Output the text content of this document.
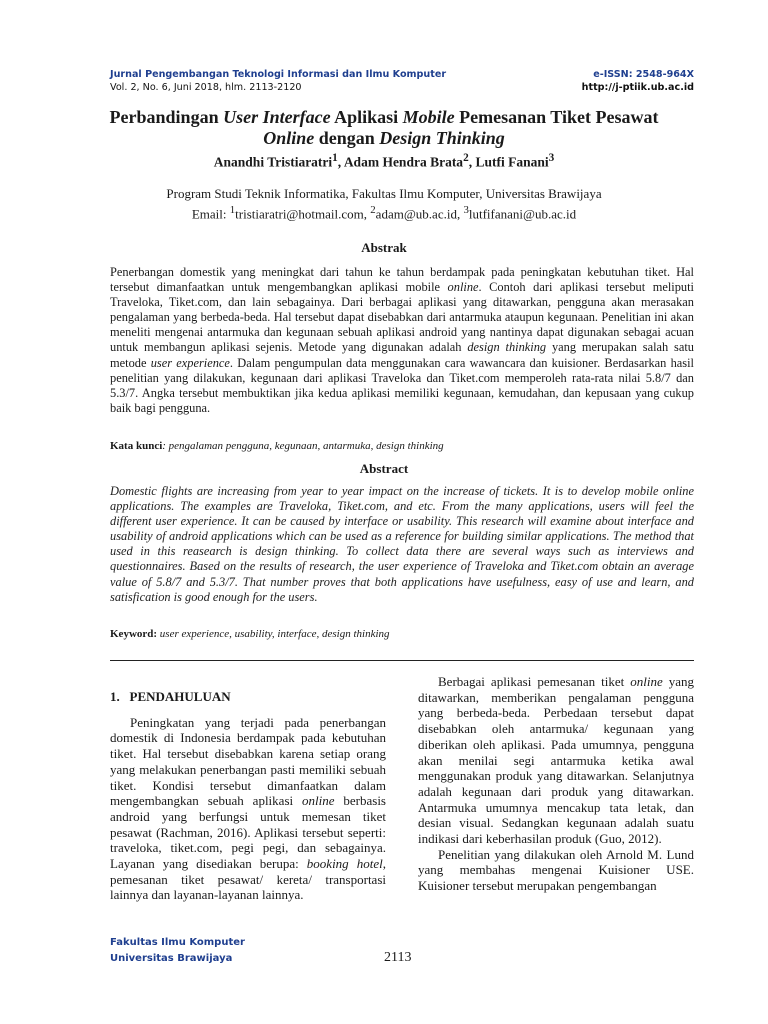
Jurnal Pengembangan Teknologi Informasi dan Ilmu Komputer	e-ISSN: 2548-964X
Vol. 2, No. 6, Juni 2018, hlm. 2113-2120	http://j-ptiik.ub.ac.id
Perbandingan User Interface Aplikasi Mobile Pemesanan Tiket Pesawat
Online dengan Design Thinking
Anandhi Tristiaratri$^1$, Adam Hendra Brata$^2$, Lutfi Fanani$^3$
Program Studi Teknik Informatika, Fakultas Ilmu Komputer, Universitas Brawijaya
Email: $^1$tristiaratri@hotmail.com, $^2$adam@ub.ac.id, $^3$lutfifanani@ub.ac.id
Abstrak
Penerbangan domestik yang meningkat dari tahun ke tahun berdampak pada peningkatan kebutuhan tiket. Hal tersebut dimanfaatkan untuk mengembangkan aplikasi mobile online. Contoh dari aplikasi tersebut meliputi Traveloka, Tiket.com, dan lain sebagainya. Dari berbagai aplikasi yang ditawarkan, pengguna akan merasakan pengalaman yang berbeda-beda. Hal tersebut dapat disebabkan dari antarmuka ataupun kegunaan. Penelitian ini akan meneliti mengenai antarmuka dan kegunaan sebuah aplikasi android yang nantinya dapat digunakan sebagai acuan untuk membangun aplikasi sejenis. Metode yang digunakan adalah design thinking yang merupakan salah satu metode user experience. Dalam pengumpulan data menggunakan cara wawancara dan kuisioner. Berdasarkan hasil penelitian yang dilakukan, kegunaan dari aplikasi Traveloka dan Tiket.com memperoleh rata-rata nilai 5.8/7 dan 5.3/7. Angka tersebut membuktikan jika kedua aplikasi memiliki kegunaan, kemudahan, dan kepusaan yang cukup baik bagi pengguna.
Kata kunci: pengalaman pengguna, kegunaan, antarmuka, design thinking
Abstract
Domestic flights are increasing from year to year impact on the increase of tickets. It is to develop mobile online applications. The examples are Traveloka, Tiket.com, and etc. From the many applications, users will feel the different user experience. It can be caused by interface or usability. This research will examine about interface and usability of android applications which can be used as a reference for building similar applications. The method that used in this reasearch is design thinking. To collect data there are several ways such as interviews and questionnaires. Based on the results of research, the user experience of Traveloka and Tiket.com obtain an average value of 5.8/7 and 5.3/7. That number proves that both applications have usefulness, easy of use and learn, and satisfication is good enough for the users.
Keyword: user experience, usability, interface, design thinking
1.   PENDAHULUAN
Peningkatan yang terjadi pada penerbangan domestik di Indonesia berdampak pada kebutuhan tiket. Hal tersebut disebabkan karena setiap orang yang melakukan penerbangan pasti memiliki sebuah tiket. Kondisi tersebut dimanfaatkan dalam mengembangkan sebuah aplikasi online berbasis android yang berfungsi untuk memesan tiket pesawat (Rachman, 2016). Aplikasi tersebut seperti: traveloka, tiket.com, pegi pegi, dan sebagainya. Layanan yang disediakan berupa: booking hotel, pemesanan tiket pesawat/ kereta/ transportasi lainnya dan layanan-layanan lainnya.
Berbagai aplikasi pemesanan tiket online yang ditawarkan, memberikan pengalaman pengguna yang berbeda-beda. Perbedaan tersebut dapat disebabkan oleh antarmuka/ kegunaan yang diberikan oleh aplikasi. Pada umumnya, pengguna akan menilai segi antarmuka ketika awal menggunakan produk yang ditawarkan. Selanjutnya adalah kegunaan dari produk yang ditawarkan. Antarmuka umumnya mencakup tata letak, dan desian visual. Sedangkan kegunaan adalah suatu indikasi dari keberhasilan produk (Guo, 2012).
Penelitian yang dilakukan oleh Arnold M. Lund yang membahas mengenai Kuisioner USE. Kuisioner tersebut merupakan pengembangan
Fakultas Ilmu Komputer
Universitas Brawijaya	2113
